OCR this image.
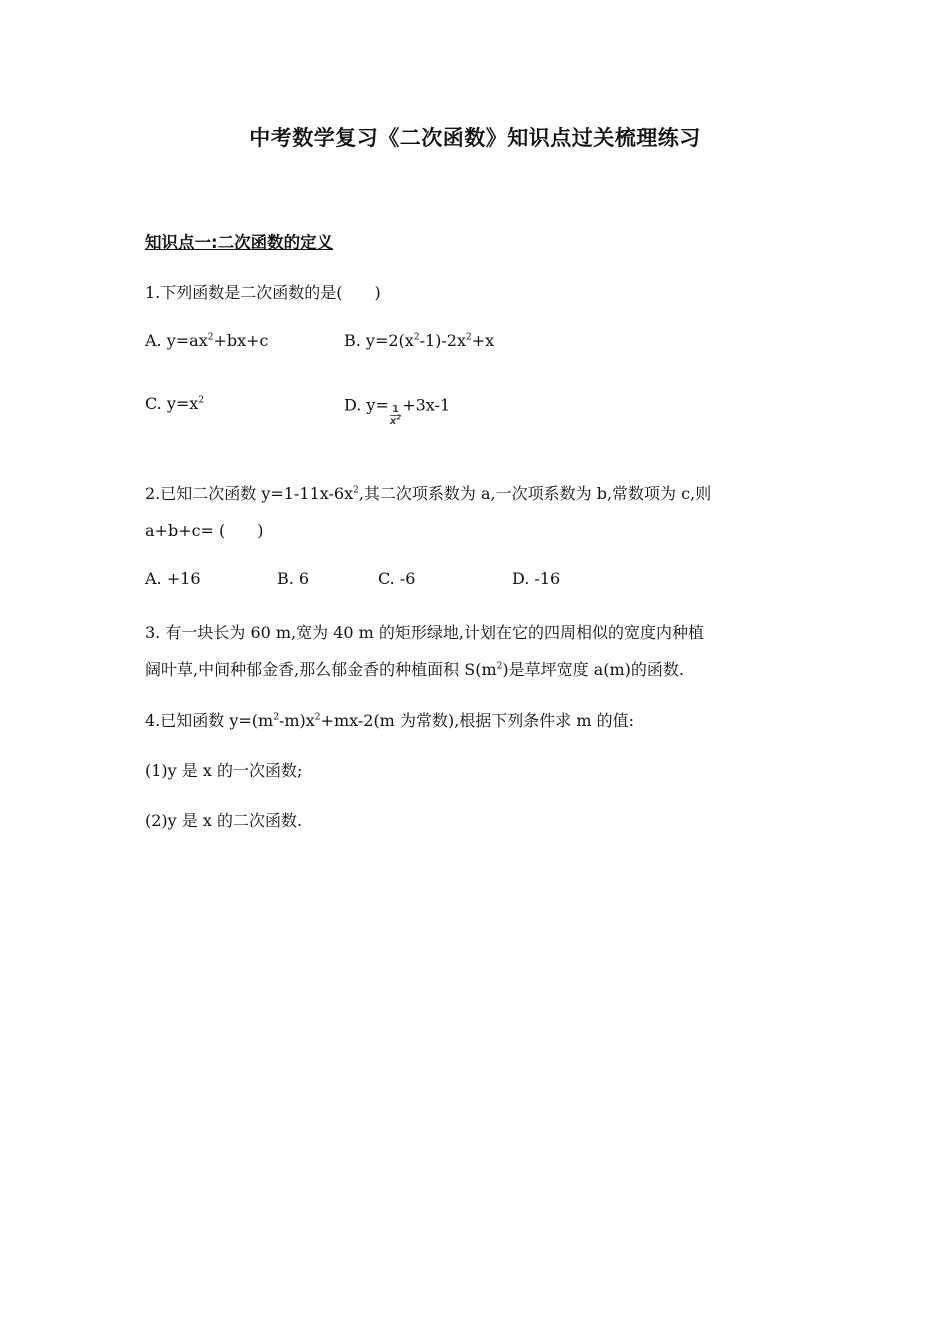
中考数学复习《二次函数》知识点过关梳理练习
知识点一:二次函数的定义
1.下列函数是二次函数的是(　　)
A. $y=ax^2+bx+c$	B. $y=2(x^2-1)-2x^2+x$
C. $y=x^2$	D. $y= \frac{1}{x^2} +3x-1$
2.已知二次函数 $y=1-11x-6x^2$,其二次项系数为 a,一次项系数为 b,常数项为 c,则
a+b+c= (　　)
A. +16	B. 6	C. -6	D. -16
3. 有一块长为 60 m,宽为 40 m 的矩形绿地,计划在它的四周相似的宽度内种植
阔叶草,中间种郁金香,那么郁金香的种植面积 $S(m^2)$是草坪宽度 a(m)的函数.
4.已知函数 $y=(m^2-m)x^2+mx-2(m$ 为常数),根据下列条件求 m 的值:
(1)y 是 x 的一次函数;
(2)y 是 x 的二次函数.
